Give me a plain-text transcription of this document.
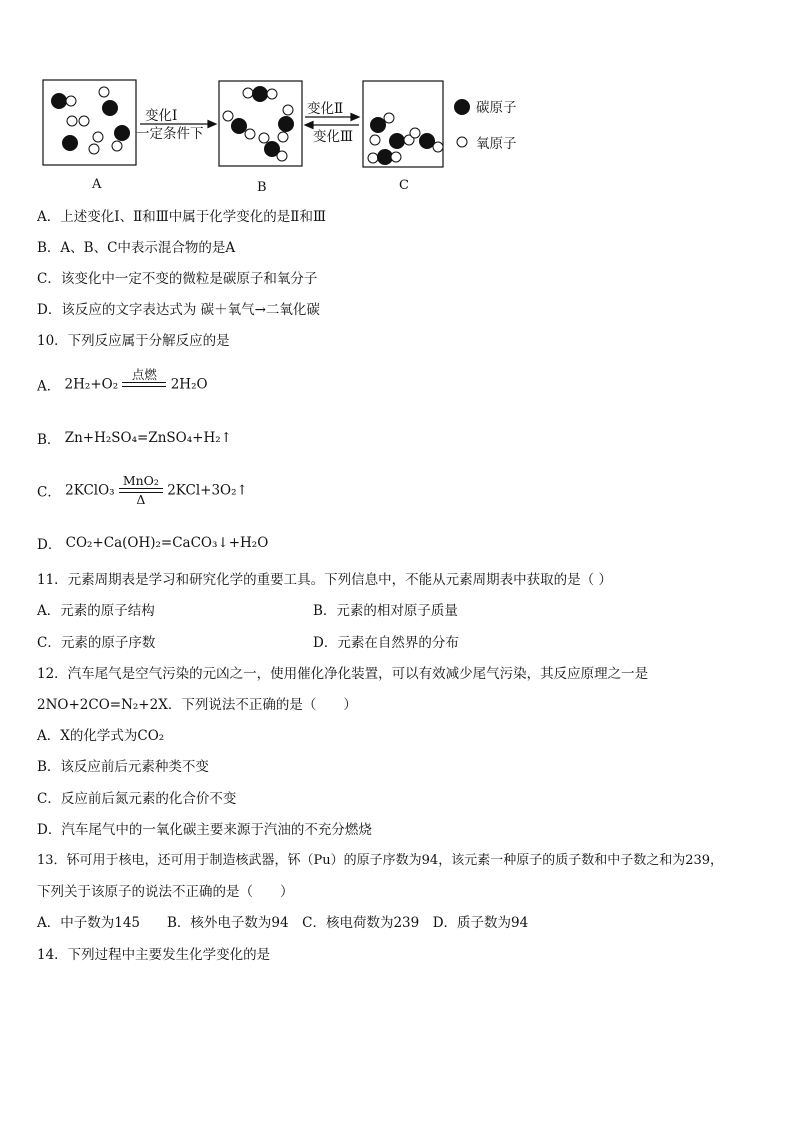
变化Ⅰ
一定条件下
变化Ⅱ
变化Ⅲ
A	B	C
碳原子
氧原子
A．上述变化Ⅰ、Ⅱ和Ⅲ中属于化学变化的是Ⅱ和Ⅲ
B．A、B、C中表示混合物的是A
C．该变化中一定不变的微粒是碳原子和氧分子
D．该反应的文字表达式为 碳＋氧气→二氧化碳
10．下列反应属于分解反应的是
A． 2H₂+O₂
点燃

2H₂O
B． Zn+H₂SO₄=ZnSO₄+H₂↑
C． 2KClO₃
MnO₂
Δ
2KCl+3O₂↑
D． CO₂+Ca(OH)₂=CaCO₃↓+H₂O
11．元素周期表是学习和研究化学的重要工具。下列信息中，不能从元素周期表中获取的是（ ）
A．元素的原子结构	B．元素的相对原子质量
C．元素的原子序数	D．元素在自然界的分布
12．汽车尾气是空气污染的元凶之一，使用催化净化装置，可以有效减少尾气污染，其反应原理之一是
2NO+2CO=N₂+2X．下列说法不正确的是（　　）
A．X的化学式为CO₂
B．该反应前后元素种类不变
C．反应前后氮元素的化合价不变
D．汽车尾气中的一氧化碳主要来源于汽油的不充分燃烧
13．钚可用于核电，还可用于制造核武器，钚（Pu）的原子序数为94，该元素一种原子的质子数和中子数之和为239，
下列关于该原子的说法不正确的是（　　）
A．中子数为145　　B．核外电子数为94　C．核电荷数为239　D．质子数为94
14．下列过程中主要发生化学变化的是
